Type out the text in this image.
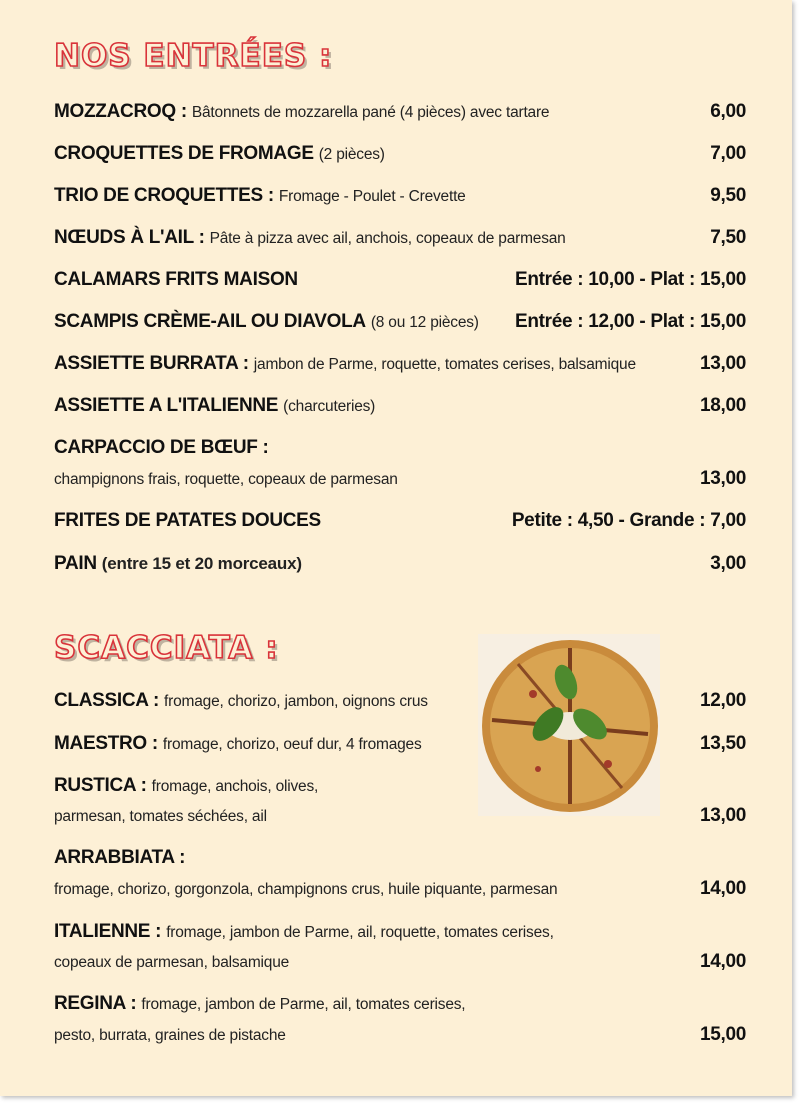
NOS ENTRÉES :
MOZZACROQ : Bâtonnets de mozzarella pané (4 pièces) avec tartare	6,00
CROQUETTES DE FROMAGE (2 pièces)	7,00
TRIO DE CROQUETTES : Fromage - Poulet - Crevette	9,50
NŒUDS À L'AIL : Pâte à pizza avec ail, anchois, copeaux de parmesan	7,50
CALAMARS FRITS MAISON	Entrée : 10,00 - Plat : 15,00
SCAMPIS CRÈME-AIL OU DIAVOLA (8 ou 12 pièces) Entrée : 12,00 - Plat : 15,00
ASSIETTE BURRATA : jambon de Parme, roquette, tomates cerises, balsamique	13,00
ASSIETTE A L'ITALIENNE (charcuteries)	18,00
CARPACCIO DE BŒUF :
champignons frais, roquette, copeaux de parmesan	13,00
FRITES DE PATATES DOUCES	Petite : 4,50 - Grande : 7,00
PAIN (entre 15 et 20 morceaux)	3,00
SCACCIATA :
CLASSICA : fromage, chorizo, jambon, oignons crus	12,00
MAESTRO : fromage, chorizo, oeuf dur, 4 fromages	13,50
RUSTICA : fromage, anchois, olives,
parmesan, tomates séchées, ail	13,00
ARRABBIATA :
fromage, chorizo, gorgonzola, champignons crus, huile piquante, parmesan	14,00
ITALIENNE : fromage, jambon de Parme, ail, roquette, tomates cerises,
copeaux de parmesan, balsamique	14,00
REGINA : fromage, jambon de Parme, ail, tomates cerises,
pesto, burrata, graines de pistache	15,00
